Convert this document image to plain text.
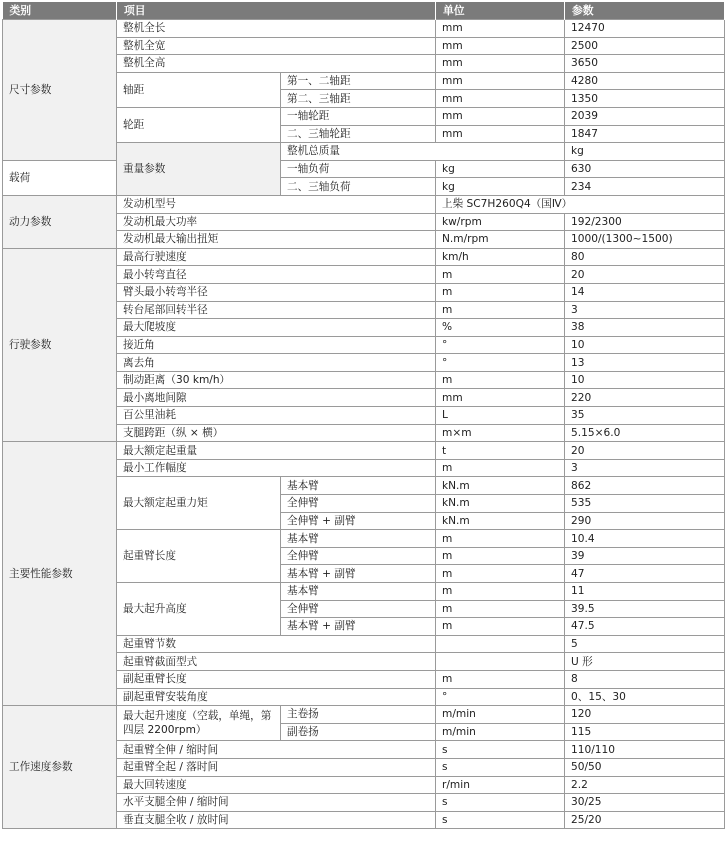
类别	项目		单位	参数	
尺寸参数	整机全长		mm	12470	
	整机全宽		mm	2500	
	整机全高		mm	3650	
	轴距	第一、二轴距	mm	4280	
		第二、三轴距	mm	1350	
	轮距	一轴轮距	mm	2039	
		二、三轴轮距	mm	1847	
	重量参数	整机总质量		kg	
载荷		一轴负荷	kg	630	
		二、三轴负荷	kg	234	
动力参数	发动机型号		上柴 SC7H260Q4（国Ⅳ）		
	发动机最大功率		kw/rpm	192/2300	
	发动机最大输出扭矩		N.m/rpm	1000/(1300~1500)	
行驶参数	最高行驶速度		km/h	80	
	最小转弯直径		m	20	
	臂头最小转弯半径		m	14	
	转台尾部回转半径		m	3	
	最大爬坡度		%	38	
	接近角		°	10	
	离去角		°	13	
	制动距离（30 km/h）		m	10	
	最小离地间隙		mm	220	
	百公里油耗		L	35	
	支腿跨距（纵 × 横）		m×m	5.15×6.0	
主要性能参数	最大额定起重量		t	20	
	最小工作幅度		m	3	
	最大额定起重力矩	基本臂	kN.m	862	
		全伸臂	kN.m	535	
		全伸臂 + 副臂	kN.m	290	
	起重臂长度	基本臂	m	10.4	
		全伸臂	m	39	
		基本臂 + 副臂	m	47	
	最大起升高度	基本臂	m	11	
		全伸臂	m	39.5	
		基本臂 + 副臂	m	47.5	
	起重臂节数			5	
	起重臂截面型式			U 形	
	副起重臂长度		m	8	
	副起重臂安装角度		°	0、15、30	
工作速度参数	最大起升速度（空载，单绳，第四层 2200rpm）	主卷扬	m/min	120	
		副卷扬	m/min	115	
	起重臂全伸 / 缩时间		s	110/110	
	起重臂全起 / 落时间		s	50/50	
	最大回转速度		r/min	2.2	
	水平支腿全伸 / 缩时间		s	30/25	
	垂直支腿全收 / 放时间		s	25/20	
